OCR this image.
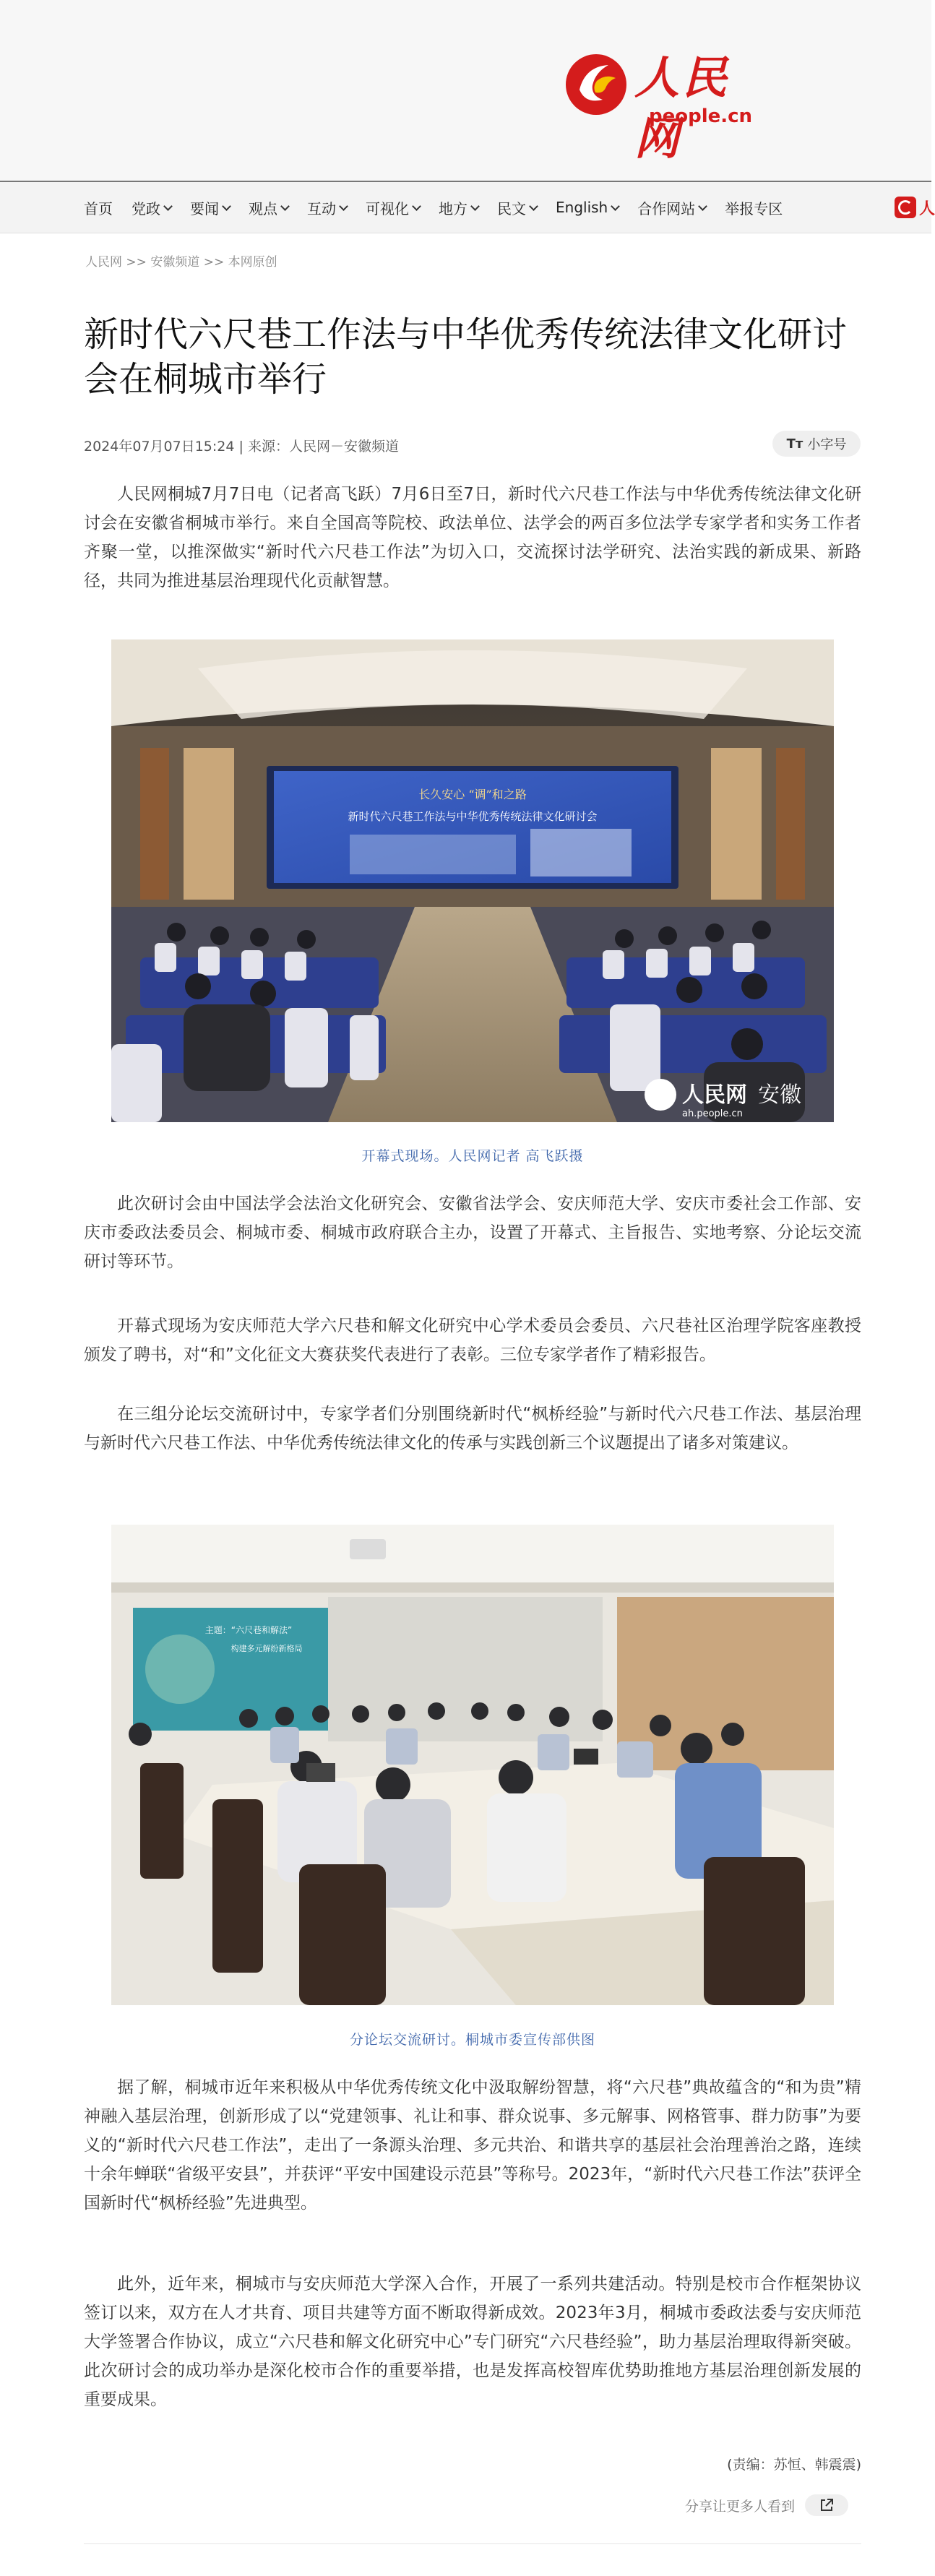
人民网
people.cn
首页 党政 要闻 观点 互动 可视化 地方 民文 English 合作网站 举报专区	人
人民网 >> 安徽频道 >> 本网原创
新时代六尺巷工作法与中华优秀传统法律文化研讨会在桐城市举行
2024年07月07日15:24 | 来源：人民网－安徽频道	Tт 小字号

人民网桐城7月7日电（记者高飞跃）7月6日至7日，新时代六尺巷工作法与中华优秀传统法律文化研讨会在安徽省桐城市举行。来自全国高等院校、政法单位、法学会的两百多位法学专家学者和实务工作者齐聚一堂，以推深做实“新时代六尺巷工作法”为切入口，交流探讨法学研究、法治实践的新成果、新路径，共同为推进基层治理现代化贡献智慧。

长久安心 “调”和之路
新时代六尺巷工作法与中华优秀传统法律文化研讨会
人民网 安徽
ah.people.cn
开幕式现场。人民网记者 高飞跃摄

此次研讨会由中国法学会法治文化研究会、安徽省法学会、安庆师范大学、安庆市委社会工作部、安庆市委政法委员会、桐城市委、桐城市政府联合主办，设置了开幕式、主旨报告、实地考察、分论坛交流研讨等环节。

开幕式现场为安庆师范大学六尺巷和解文化研究中心学术委员会委员、六尺巷社区治理学院客座教授颁发了聘书，对“和”文化征文大赛获奖代表进行了表彰。三位专家学者作了精彩报告。

在三组分论坛交流研讨中，专家学者们分别围绕新时代“枫桥经验”与新时代六尺巷工作法、基层治理与新时代六尺巷工作法、中华优秀传统法律文化的传承与实践创新三个议题提出了诸多对策建议。

主题：“六尺巷和解法”
构建多元解纷新格局
分论坛交流研讨。桐城市委宣传部供图

据了解，桐城市近年来积极从中华优秀传统文化中汲取解纷智慧，将“六尺巷”典故蕴含的“和为贵”精神融入基层治理，创新形成了以“党建领事、礼让和事、群众说事、多元解事、网格管事、群力防事”为要义的“新时代六尺巷工作法”，走出了一条源头治理、多元共治、和谐共享的基层社会治理善治之路，连续十余年蝉联“省级平安县”，并获评“平安中国建设示范县”等称号。2023年，“新时代六尺巷工作法”获评全国新时代“枫桥经验”先进典型。

此外，近年来，桐城市与安庆师范大学深入合作，开展了一系列共建活动。特别是校市合作框架协议签订以来，双方在人才共育、项目共建等方面不断取得新成效。2023年3月，桐城市委政法委与安庆师范大学签署合作协议，成立“六尺巷和解文化研究中心”专门研究“六尺巷经验”，助力基层治理取得新突破。此次研讨会的成功举办是深化校市合作的重要举措，也是发挥高校智库优势助推地方基层治理创新发展的重要成果。

(责编：苏恒、韩震震)
分享让更多人看到
